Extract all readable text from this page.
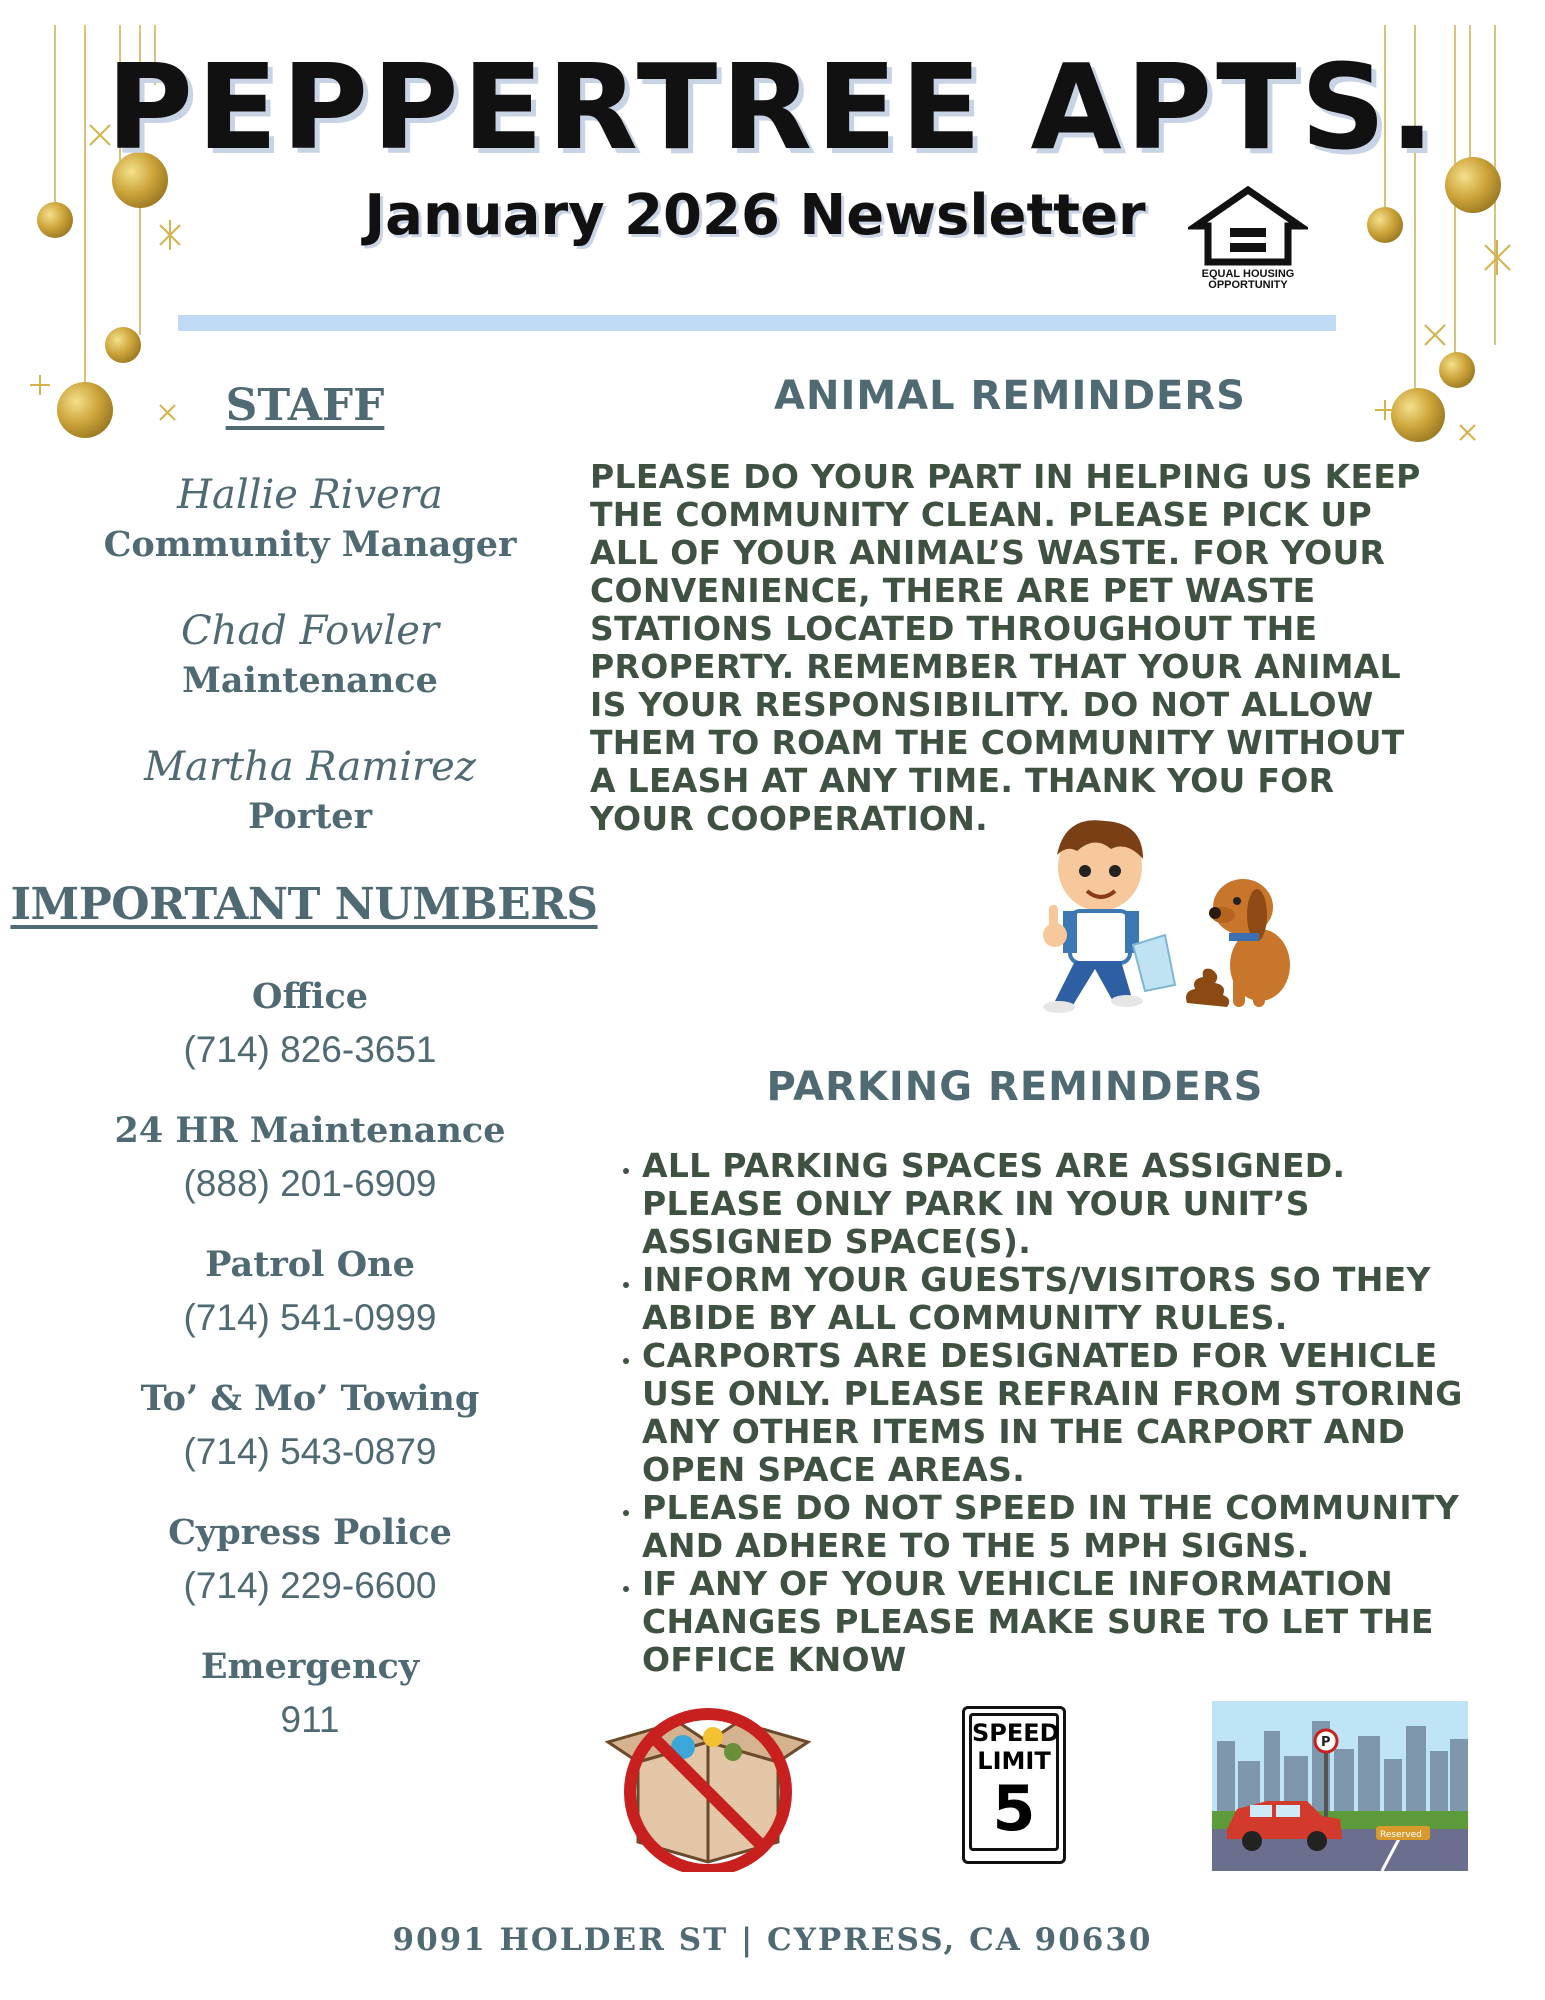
PEPPERTREE APTS.
January 2026 Newsletter
EQUAL HOUSING
OPPORTUNITY
STAFF
Hallie Rivera
Community Manager
Chad Fowler
Maintenance
Martha Ramirez
Porter
IMPORTANT NUMBERS
Office
(714) 826-3651
24 HR Maintenance
(888) 201-6909
Patrol One
(714) 541-0999
To’ & Mo’ Towing
(714) 543-0879
Cypress Police
(714) 229-6600
Emergency
911
ANIMAL REMINDERS
PLEASE DO YOUR PART IN HELPING US KEEP THE COMMUNITY CLEAN. PLEASE PICK UP ALL OF YOUR ANIMAL’S WASTE. FOR YOUR CONVENIENCE, THERE ARE PET WASTE STATIONS LOCATED THROUGHOUT THE PROPERTY. REMEMBER THAT YOUR ANIMAL IS YOUR RESPONSIBILITY. DO NOT ALLOW THEM TO ROAM THE COMMUNITY WITHOUT A LEASH AT ANY TIME. THANK YOU FOR YOUR COOPERATION.
PARKING REMINDERS
• ALL PARKING SPACES ARE ASSIGNED. PLEASE ONLY PARK IN YOUR UNIT’S ASSIGNED SPACE(S).
• INFORM YOUR GUESTS/VISITORS SO THEY ABIDE BY ALL COMMUNITY RULES.
• CARPORTS ARE DESIGNATED FOR VEHICLE USE ONLY. PLEASE REFRAIN FROM STORING ANY OTHER ITEMS IN THE CARPORT AND OPEN SPACE AREAS.
• PLEASE DO NOT SPEED IN THE COMMUNITY AND ADHERE TO THE 5 MPH SIGNS.
• IF ANY OF YOUR VEHICLE INFORMATION CHANGES PLEASE MAKE SURE TO LET THE OFFICE KNOW
SPEED
LIMIT
5
P
Reserved
9091 HOLDER ST | CYPRESS, CA 90630
